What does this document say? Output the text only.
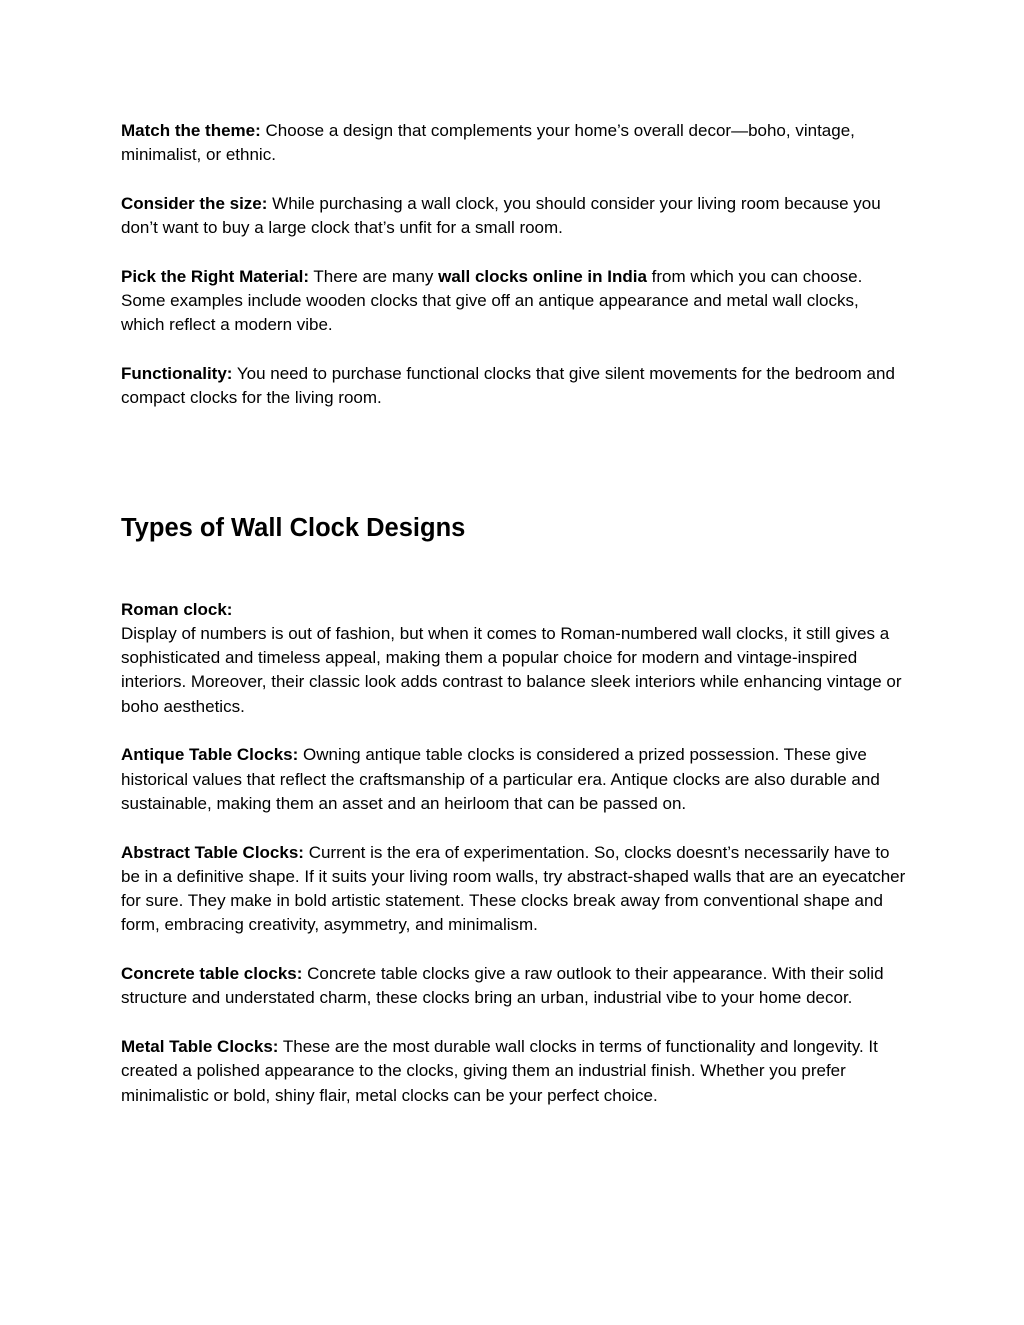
Match the theme: Choose a design that complements your home’s overall decor—boho, vintage, minimalist, or ethnic.

Consider the size: While purchasing a wall clock, you should consider your living room because you don’t want to buy a large clock that’s unfit for a small room.

Pick the Right Material: There are many wall clocks online in India from which you can choose. Some examples include wooden clocks that give off an antique appearance and metal wall clocks, which reflect a modern vibe.

Functionality: You need to purchase functional clocks that give silent movements for the bedroom and compact clocks for the living room.

Types of Wall Clock Designs

Roman clock:
Display of numbers is out of fashion, but when it comes to Roman-numbered wall clocks, it still gives a sophisticated and timeless appeal, making them a popular choice for modern and vintage-inspired interiors. Moreover, their classic look adds contrast to balance sleek interiors while enhancing vintage or boho aesthetics.

Antique Table Clocks: Owning antique table clocks is considered a prized possession. These give historical values that reflect the craftsmanship of a particular era. Antique clocks are also durable and sustainable, making them an asset and an heirloom that can be passed on.

Abstract Table Clocks: Current is the era of experimentation. So, clocks doesnt’s necessarily have to be in a definitive shape. If it suits your living room walls, try abstract-shaped walls that are an eyecatcher for sure. They make in bold artistic statement. These clocks break away from conventional shape and form, embracing creativity, asymmetry, and minimalism.

Concrete table clocks: Concrete table clocks give a raw outlook to their appearance. With their solid structure and understated charm, these clocks bring an urban, industrial vibe to your home decor.

Metal Table Clocks: These are the most durable wall clocks in terms of functionality and longevity. It created a polished appearance to the clocks, giving them an industrial finish. Whether you prefer minimalistic or bold, shiny flair, metal clocks can be your perfect choice.
